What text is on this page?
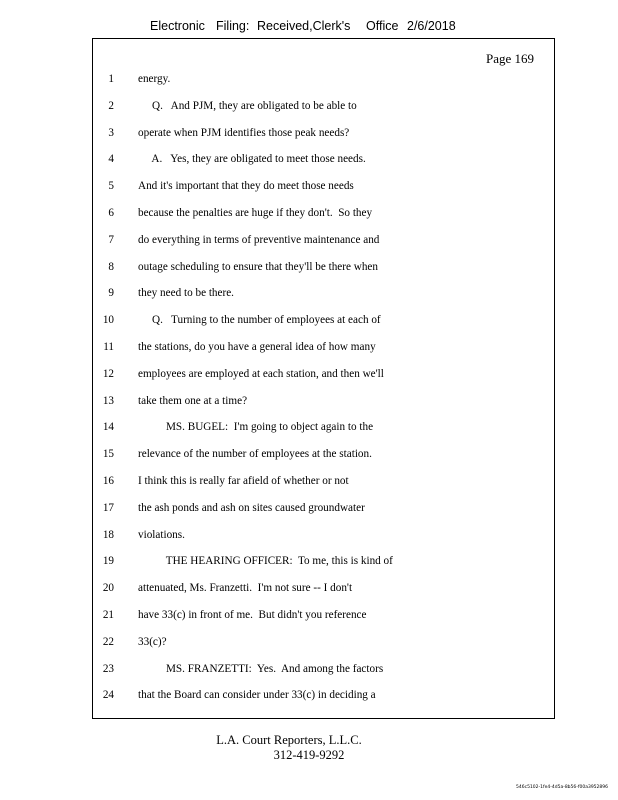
Electronic Filing: Received,Clerk's Office 2/6/2018
Page 169
1 energy.
2 Q.   And PJM, they are obligated to be able to
3 operate when PJM identifies those peak needs?
4 A.   Yes, they are obligated to meet those needs.
5 And it's important that they do meet those needs
6 because the penalties are huge if they don't.  So they
7 do everything in terms of preventive maintenance and
8 outage scheduling to ensure that they'll be there when
9 they need to be there.
10 Q.   Turning to the number of employees at each of
11 the stations, do you have a general idea of how many
12 employees are employed at each station, and then we'll
13 take them one at a time?
14 MS. BUGEL:  I'm going to object again to the
15 relevance of the number of employees at the station.
16 I think this is really far afield of whether or not
17 the ash ponds and ash on sites caused groundwater
18 violations.
19 THE HEARING OFFICER:  To me, this is kind of
20 attenuated, Ms. Franzetti.  I'm not sure -- I don't
21 have 33(c) in front of me.  But didn't you reference
22 33(c)?
23 MS. FRANZETTI:  Yes.  And among the factors
24 that the Board can consider under 33(c) in deciding a
L.A. Court Reporters, L.L.C.
312-419-9292
546c5102-1fe4-4d5a-8b56-f00a3952896
